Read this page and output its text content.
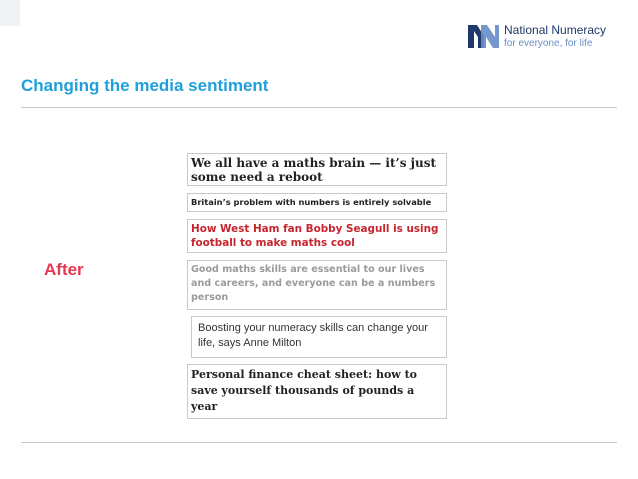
National Numeracy
for everyone, for life
Changing the media sentiment
After
We all have a maths brain — it’s just some need a reboot
Britain’s problem with numbers is entirely solvable
How West Ham fan Bobby Seagull is using football to make maths cool
Good maths skills are essential to our lives and careers, and everyone can be a numbers person
Boosting your numeracy skills can change your life, says Anne Milton
Personal finance cheat sheet: how to save yourself thousands of pounds a year
